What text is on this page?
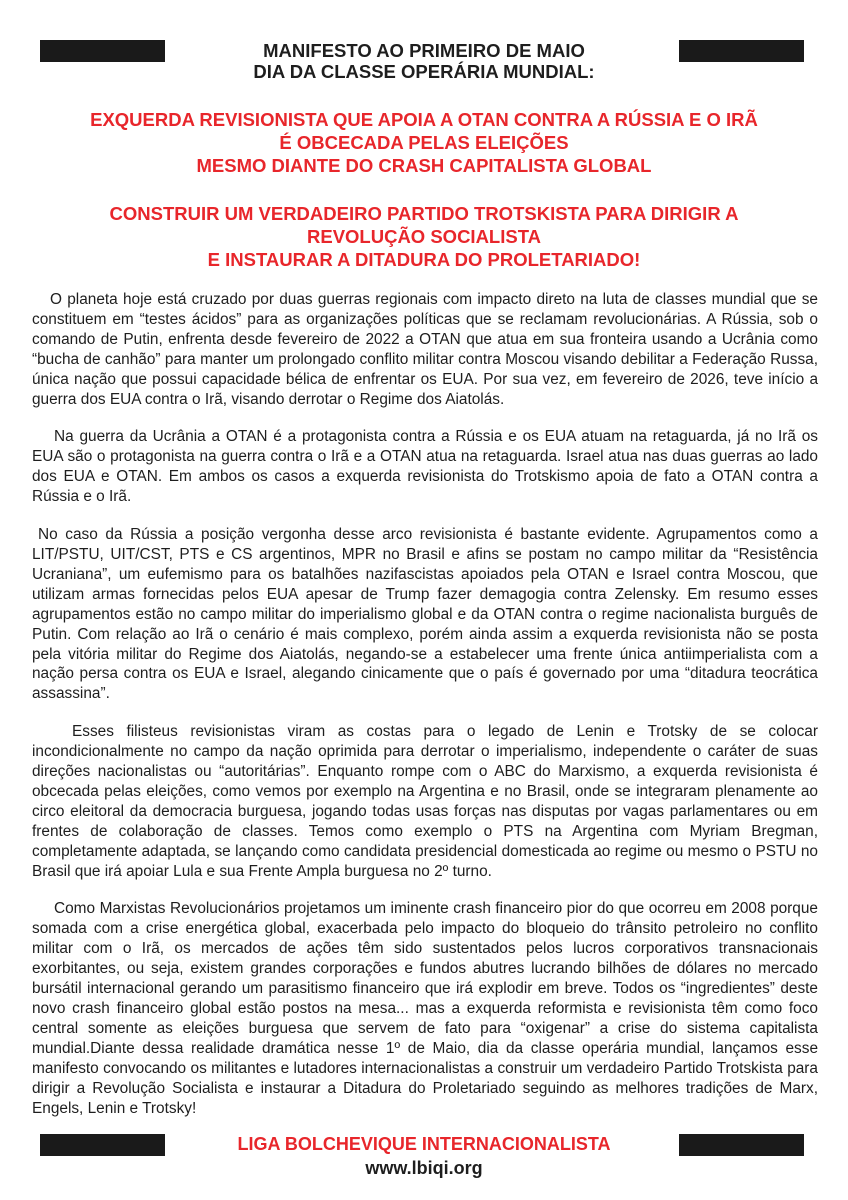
MANIFESTO AO PRIMEIRO DE MAIO
DIA DA CLASSE OPERÁRIA MUNDIAL:
EXQUERDA REVISIONISTA QUE APOIA A OTAN CONTRA A RÚSSIA E O IRÃ
É OBCECADA PELAS ELEIÇÕES
MESMO DIANTE DO CRASH CAPITALISTA GLOBAL
CONSTRUIR UM VERDADEIRO PARTIDO TROTSKISTA PARA DIRIGIR A
REVOLUÇÃO SOCIALISTA
E INSTAURAR A DITADURA DO PROLETARIADO!

O planeta hoje está cruzado por duas guerras regionais com impacto direto na luta de classes mundial que se constituem em “testes ácidos” para as organizações políticas que se reclamam revolucionárias. A Rússia, sob o comando de Putin, enfrenta desde fevereiro de 2022 a OTAN que atua em sua fronteira usando a Ucrânia como “bucha de canhão” para manter um prolongado conflito militar contra Moscou visando debilitar a Federação Russa, única nação que possui capacidade bélica de enfrentar os EUA. Por sua vez, em fevereiro de 2026, teve início a guerra dos EUA contra o Irã, visando derrotar o Regime dos Aiatolás.

Na guerra da Ucrânia a OTAN é a protagonista contra a Rússia e os EUA atuam na retaguarda, já no Irã os EUA são o protagonista na guerra contra o Irã e a OTAN atua na retaguarda. Israel atua nas duas guerras ao lado dos EUA e OTAN. Em ambos os casos a exquerda revisionista do Trotskismo apoia de fato a OTAN contra a Rússia e o Irã.

No caso da Rússia a posição vergonha desse arco revisionista é bastante evidente. Agrupamentos como a LIT/PSTU, UIT/CST, PTS e CS argentinos, MPR no Brasil e afins se postam no campo militar da “Resistência Ucraniana”, um eufemismo para os batalhões nazifascistas apoiados pela OTAN e Israel contra Moscou, que utilizam armas fornecidas pelos EUA apesar de Trump fazer demagogia contra Zelensky. Em resumo esses agrupamentos estão no campo militar do imperialismo global e da OTAN contra o regime nacionalista burguês de Putin. Com relação ao Irã o cenário é mais complexo, porém ainda assim a exquerda revisionista não se posta pela vitória militar do Regime dos Aiatolás, negando-se a estabelecer uma frente única antiimperialista com a nação persa contra os EUA e Israel, alegando cinicamente que o país é governado por uma “ditadura teocrática assassina”.

Esses filisteus revisionistas viram as costas para o legado de Lenin e Trotsky de se colocar incondicionalmente no campo da nação oprimida para derrotar o imperialismo, independente o caráter de suas direções nacionalistas ou “autoritárias”. Enquanto rompe com o ABC do Marxismo, a exquerda revisionista é obcecada pelas eleições, como vemos por exemplo na Argentina e no Brasil, onde se integraram plenamente ao circo eleitoral da democracia burguesa, jogando todas usas forças nas disputas por vagas parlamentares ou em frentes de colaboração de classes. Temos como exemplo o PTS na Argentina com Myriam Bregman, completamente adaptada, se lançando como candidata presidencial domesticada ao regime ou mesmo o PSTU no Brasil que irá apoiar Lula e sua Frente Ampla burguesa no 2º turno.

Como Marxistas Revolucionários projetamos um iminente crash financeiro pior do que ocorreu em 2008 porque somada com a crise energética global, exacerbada pelo impacto do bloqueio do trânsito petroleiro no conflito militar com o Irã, os mercados de ações têm sido sustentados pelos lucros corporativos transnacionais exorbitantes, ou seja, existem grandes corporações e fundos abutres lucrando bilhões de dólares no mercado bursátil internacional gerando um parasitismo financeiro que irá explodir em breve. Todos os “ingredientes” deste novo crash financeiro global estão postos na mesa... mas a exquerda reformista e revisionista têm como foco central somente as eleições burguesa que servem de fato para “oxigenar” a crise do sistema capitalista mundial.Diante dessa realidade dramática nesse 1º de Maio, dia da classe operária mundial, lançamos esse manifesto convocando os militantes e lutadores internacionalistas a construir um verdadeiro Partido Trotskista para dirigir a Revolução Socialista e instaurar a Ditadura do Proletariado seguindo as melhores tradições de Marx, Engels, Lenin e Trotsky!

LIGA BOLCHEVIQUE INTERNACIONALISTA
www.lbiqi.org
